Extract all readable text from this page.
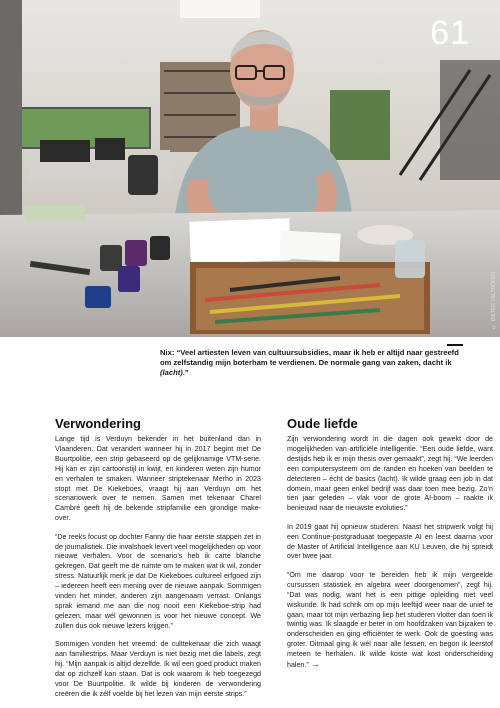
61
© DIETER VELTHOFEN
Nix: “Veel artiesten leven van cultuursubsidies, maar ik heb er altijd naar gestreefd om zelfstandig mijn boterham te verdienen. De normale gang van zaken, dacht ik (lacht).”
Verwondering

Lange tijd is Verduyn bekender in het buitenland dan in Vlaanderen. Dat verandert wanneer hij in 2017 begint met De Buurtpolitie, een strip gebaseerd op de gelijknamige VTM-serie. Hij kan er zijn cartoonstijl in kwijt, en kinderen weten zijn humor en verhalen te smaken. Wanneer striptekenaar Merho in 2023 stopt met De Kiekeboes, vraagt hij aan Verduyn om het scenariowerk over te nemen. Samen met tekenaar Charel Cambré geeft hij de bekende stripfamilie een grondige make-over.

“De reeks focust op dochter Fanny die haar eerste stappen zet in de journalistiek. Die invalshoek levert veel mogelijkheden op voor nieuwe verhalen. Voor de scenario’s heb ik carte blanche gekregen. Dat geeft me de ruimte om te maken wat ik wil, zonder stress. Natuurlijk merk je dat De Kiekeboes cultureel erfgoed zijn – iedereen heeft een mening over de nieuwe aanpak. Sommigen vinden het minder, anderen zijn aangenaam verrast. Onlangs sprak iemand me aan die nog nooit een Kiekeboe-strip had gelezen, maar wél gewonnen is voor het nieuwe concept. We zullen dus ook nieuwe lezers krijgen.”

Sommigen vonden het vreemd: de culttekenaar die zich waagt aan familiestrips. Maar Verduyn is niet bezig met die labels, zegt hij. “Mijn aanpak is altijd dezelfde. Ik wil een goed product maken dat op zichzelf kan staan. Dat is ook waarom ik heb toegezegd voor De Buurtpolitie. Ik wilde bij kinderen de verwondering creëren die ik zélf voelde bij het lezen van mijn eerste strips.”

Oude liefde

Zijn verwondering wordt in die dagen ook gewekt door de mogelijkheden van artificiële intelligentie. “Een oude liefde, want destijds heb ik er mijn thesis over gemaakt”, zegt hij. “We leerden een computersysteem om de randen en hoeken van beelden te detecteren – écht de basics (lacht). Ik wilde graag een job in dat domein, maar geen enkel bedrijf was daar toen mee bezig. Zo’n tien jaar geleden – vlak voor de grote AI-boom – raakte ik benieuwd naar de nieuwste evoluties.”

In 2019 gaat hij opnieuw studeren. Naast het stripwerk volgt hij een Continue-postgraduaat toegepaste AI en leest daarna voor de Master of Artificial Intelligence aan KU Leuven, die hij spreidt over twee jaar.

“Om me daarop voor te bereiden heb ik mijn vergeelde cursussen statistiek en algebra weer doorgenomen”, zegt hij. “Dat was nodig, want het is een pittige opleiding met veel wiskunde. Ik had schrik om op mijn leeftijd weer naar de unief te gaan, maar tot mijn verbazing liep het studeren vlotter dan toen ik twintig was. Ik slaagde er beter in om hoofdzaken van bijzaken te onderscheiden en ging efficiënter te werk. Ook de goesting was groter. Ditmaal ging ik wél naar alle lessen, en begon ik leerstof meteen te herhalen. Ik wilde koste wat kost onderscheiding halen.” →
